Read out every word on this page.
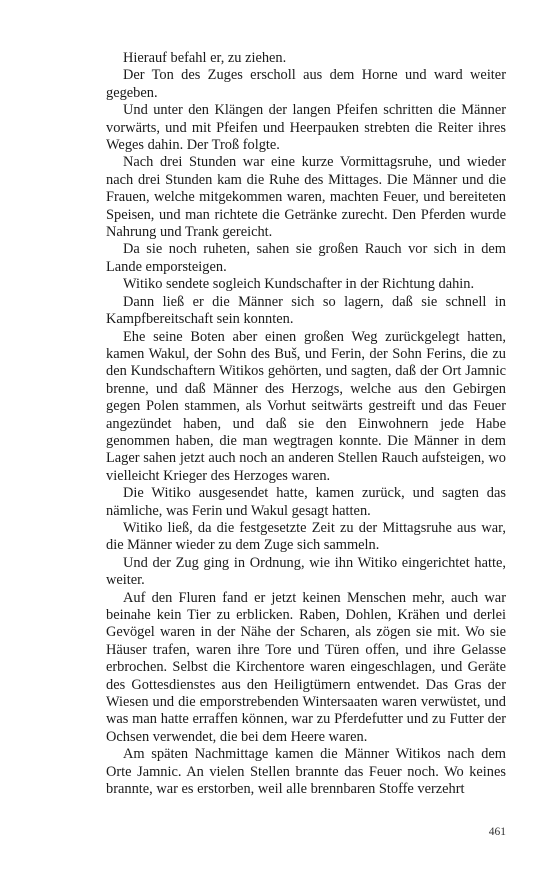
Hierauf befahl er, zu ziehen.

Der Ton des Zuges erscholl aus dem Horne und ward weiter gegeben.

Und unter den Klängen der langen Pfeifen schritten die Männer vorwärts, und mit Pfeifen und Heerpauken strebten die Reiter ihres Weges dahin. Der Troß folgte.

Nach drei Stunden war eine kurze Vormittagsruhe, und wieder nach drei Stunden kam die Ruhe des Mittages. Die Männer und die Frauen, welche mitgekommen waren, machten Feuer, und bereiteten Speisen, und man richtete die Getränke zurecht. Den Pferden wurde Nahrung und Trank gereicht.

Da sie noch ruheten, sahen sie großen Rauch vor sich in dem Lande emporsteigen.

Witiko sendete sogleich Kundschafter in der Richtung dahin.

Dann ließ er die Männer sich so lagern, daß sie schnell in Kampfbereitschaft sein konnten.

Ehe seine Boten aber einen großen Weg zurückgelegt hatten, kamen Wakul, der Sohn des Buš, und Ferin, der Sohn Ferins, die zu den Kundschaftern Witikos gehörten, und sagten, daß der Ort Jamnic brenne, und daß Männer des Herzogs, welche aus den Gebirgen gegen Polen stammen, als Vorhut seitwärts gestreift und das Feuer angezündet haben, und daß sie den Einwohnern jede Habe genommen haben, die man wegtragen konnte. Die Männer in dem Lager sahen jetzt auch noch an anderen Stellen Rauch aufsteigen, wo vielleicht Krieger des Herzoges waren.

Die Witiko ausgesendet hatte, kamen zurück, und sagten das nämliche, was Ferin und Wakul gesagt hatten.

Witiko ließ, da die festgesetzte Zeit zu der Mittagsruhe aus war, die Männer wieder zu dem Zuge sich sammeln.

Und der Zug ging in Ordnung, wie ihn Witiko eingerichtet hatte, weiter.

Auf den Fluren fand er jetzt keinen Menschen mehr, auch war beinahe kein Tier zu erblicken. Raben, Dohlen, Krähen und derlei Gevögel waren in der Nähe der Scharen, als zögen sie mit. Wo sie Häuser trafen, waren ihre Tore und Türen offen, und ihre Gelasse erbrochen. Selbst die Kirchentore waren eingeschlagen, und Geräte des Gottesdienstes aus den Heiligtümern entwendet. Das Gras der Wiesen und die emporstrebenden Wintersaaten waren verwüstet, und was man hatte erraffen können, war zu Pferdefutter und zu Futter der Ochsen verwendet, die bei dem Heere waren.

Am späten Nachmittage kamen die Männer Witikos nach dem Orte Jamnic. An vielen Stellen brannte das Feuer noch. Wo keines brannte, war es erstorben, weil alle brennbaren Stoffe verzehrt

461
